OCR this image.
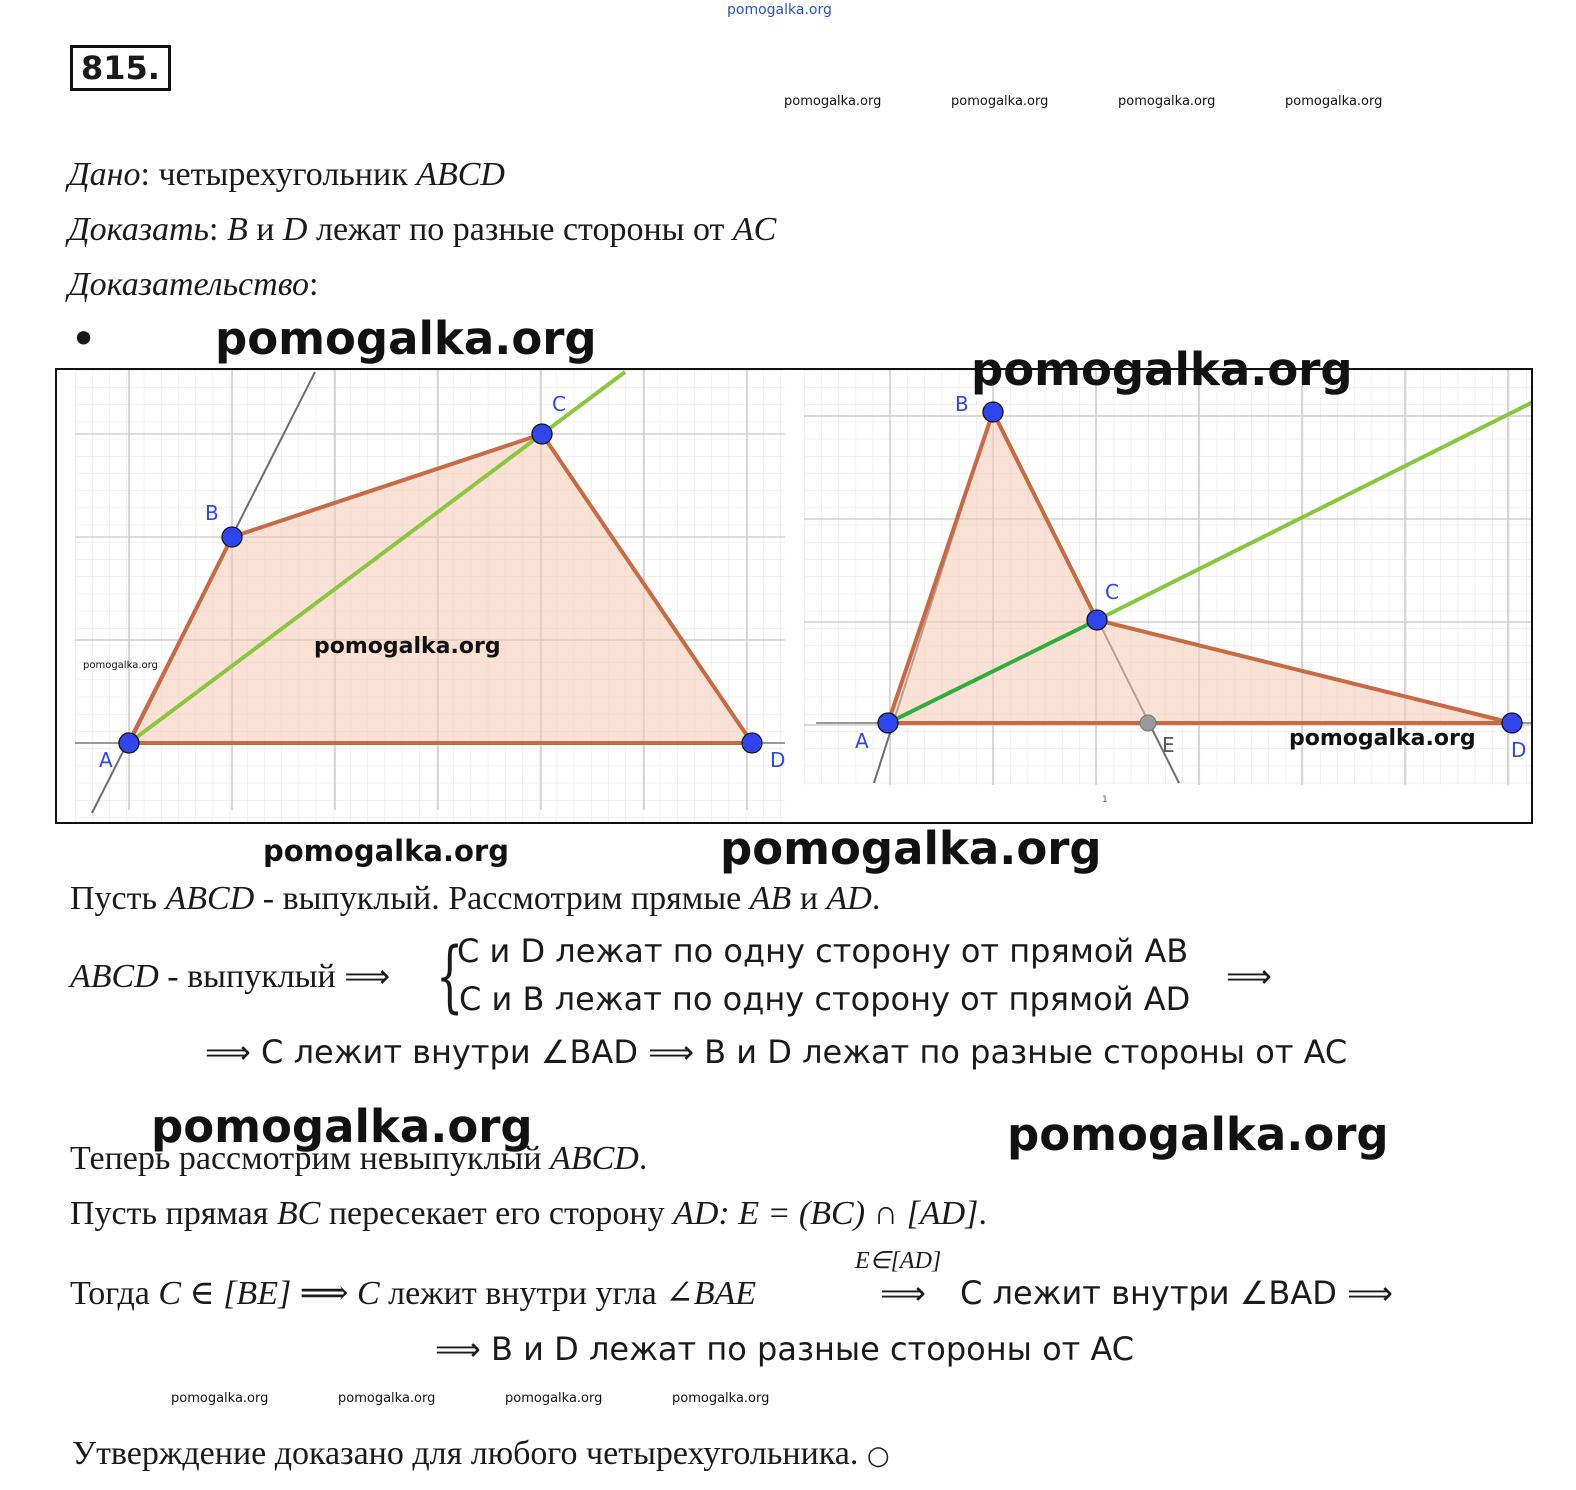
pomogalka.org
815.
pomogalka.org	pomogalka.org	pomogalka.org	pomogalka.org
Дано: четырехугольник ABCD
Доказать: B и D лежат по разные стороны от AC
Доказательство:
•	pomogalka.org
A
B
C
D
A
B
C
D
E
1
pomogalka.org
pomogalka.org
pomogalka.org
pomogalka.org
pomogalka.org	pomogalka.org
Пусть ABCD - выпуклый. Рассмотрим прямые AB и AD.
ABCD - выпуклый ⟹ {
C и D лежат по одну сторону от прямой AB
C и B лежат по одну сторону от прямой AD
⟹
⟹ C лежит внутри ∠BAD ⟹ B и D лежат по разные стороны от AC
pomogalka.org	pomogalka.org
Теперь рассмотрим невыпуклый ABCD.
Пусть прямая BC пересекает его сторону AD: E = (BC) ∩ [AD].
Тогда C ∈ [BE] ⟹ C лежит внутри угла ∠BAE
E∈[AD]
⟹ C лежит внутри ∠BAD ⟹
⟹ B и D лежат по разные стороны от AC
pomogalka.org	pomogalka.org	pomogalka.org	pomogalka.org
Утверждение доказано для любого четырехугольника. ○
